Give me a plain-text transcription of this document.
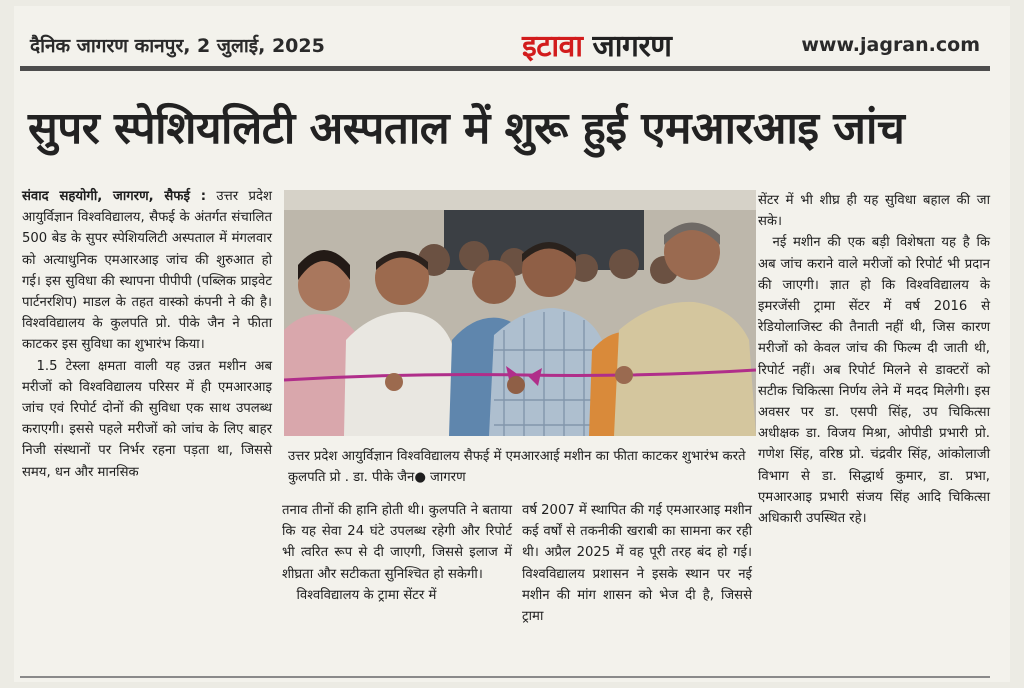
दैनिक जागरण कानपुर, 2 जुलाई, 2025	इटावा जागरण	www.jagran.com
सुपर स्पेशियलिटी अस्पताल में शुरू हुई एमआरआइ जांच

संवाद सहयोगी, जागरण, सैफई : उत्तर प्रदेश आयुर्विज्ञान विश्वविद्यालय, सैफई के अंतर्गत संचालित 500 बेड के सुपर स्पेशियलिटी अस्पताल में मंगलवार को अत्याधुनिक एमआरआइ जांच की शुरुआत हो गई। इस सुविधा की स्थापना पीपीपी (पब्लिक प्राइवेट पार्टनरशिप) माडल के तहत वास्को कंपनी ने की है। विश्वविद्यालय के कुलपति प्रो. पीके जैन ने फीता काटकर इस सुविधा का शुभारंभ किया।

1.5 टेस्ला क्षमता वाली यह उन्नत मशीन अब मरीजों को विश्वविद्यालय परिसर में ही एमआरआइ जांच एवं रिपोर्ट दोनों की सुविधा एक साथ उपलब्ध कराएगी। इससे पहले मरीजों को जांच के लिए बाहर निजी संस्थानों पर निर्भर रहना पड़ता था, जिससे समय, धन और मानसिक

उत्तर प्रदेश आयुर्विज्ञान विश्वविद्यालय सैफई में एमआरआई मशीन का फीता काटकर शुभारंभ करते कुलपति प्रो . डा. पीके जैन● जागरण

तनाव तीनों की हानि होती थी। कुलपति ने बताया कि यह सेवा 24 घंटे उपलब्ध रहेगी और रिपोर्ट भी त्वरित रूप से दी जाएगी, जिससे इलाज में शीघ्रता और सटीकता सुनिश्चित हो सकेगी।

विश्वविद्यालय के ट्रामा सेंटर में

वर्ष 2007 में स्थापित की गई एमआरआइ मशीन कई वर्षों से तकनीकी खराबी का सामना कर रही थी। अप्रैल 2025 में वह पूरी तरह बंद हो गई। विश्वविद्यालय प्रशासन ने इसके स्थान पर नई मशीन की मांग शासन को भेज दी है, जिससे ट्रामा

सेंटर में भी शीघ्र ही यह सुविधा बहाल की जा सके।

नई मशीन की एक बड़ी विशेषता यह है कि अब जांच कराने वाले मरीजों को रिपोर्ट भी प्रदान की जाएगी। ज्ञात हो कि विश्वविद्यालय के इमरजेंसी ट्रामा सेंटर में वर्ष 2016 से रेडियोलाजिस्ट की तैनाती नहीं थी, जिस कारण मरीजों को केवल जांच की फिल्म दी जाती थी, रिपोर्ट नहीं। अब रिपोर्ट मिलने से डाक्टरों को सटीक चिकित्सा निर्णय लेने में मदद मिलेगी। इस अवसर पर डा. एसपी सिंह, उप चिकित्सा अधीक्षक डा. विजय मिश्रा, ओपीडी प्रभारी प्रो. गणेश सिंह, वरिष्ठ प्रो. चंद्रवीर सिंह, आंकोलाजी विभाग से डा. सिद्धार्थ कुमार, डा. प्रभा, एमआरआइ प्रभारी संजय सिंह आदि चिकित्सा अधिकारी उपस्थित रहे।
